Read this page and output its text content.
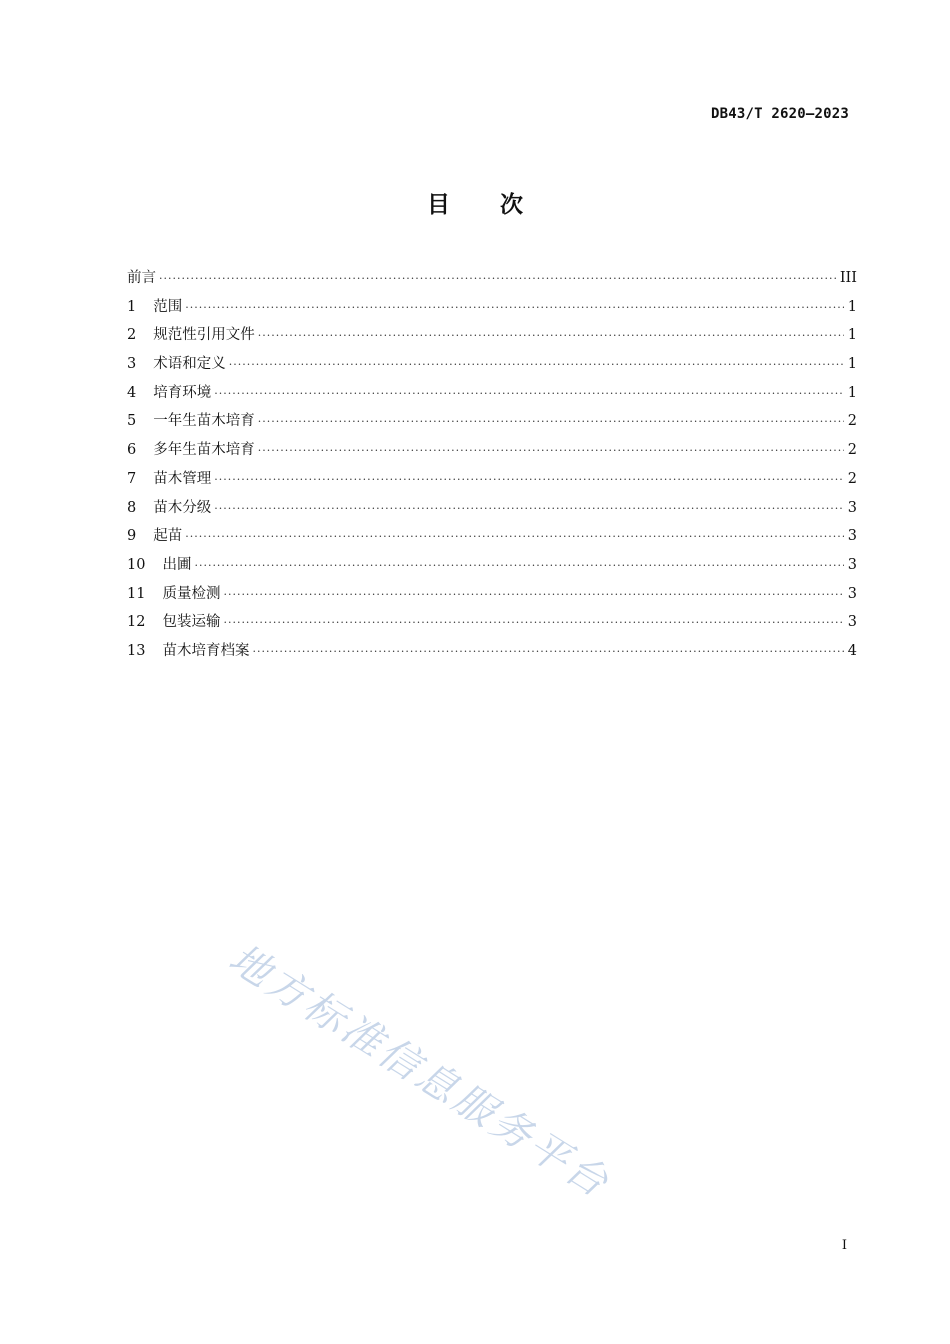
DB43/T 2620—2023
目 次
前言 ·····	III
1 范围 ·····	1
2 规范性引用文件 ·····	1
3 术语和定义 ·····	1
4 培育环境 ·····	1
5 一年生苗木培育 ·····	2
6 多年生苗木培育 ·····	2
7 苗木管理 ·····	2
8 苗木分级 ·····	3
9 起苗 ·····	3
10 出圃 ·····	3
11 质量检测 ·····	3
12 包装运输 ·····	3
13 苗木培育档案 ·····	4
地方标准信息服务平台
I
